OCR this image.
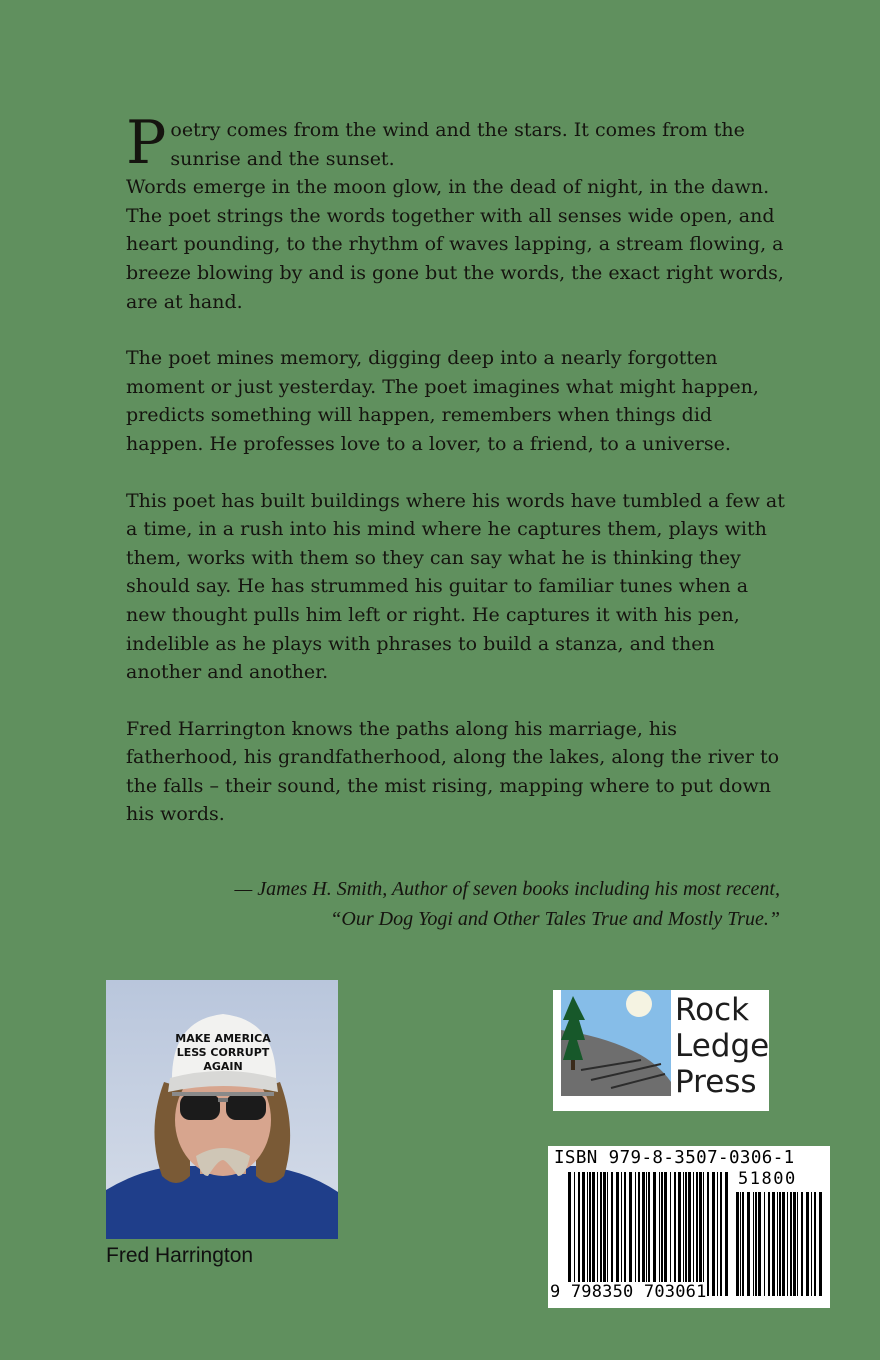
Poetry comes from the wind and the stars. It comes from the sunrise and the sunset.
Words emerge in the moon glow, in the dead of night, in the dawn. The poet strings the words together with all senses wide open, and heart pounding, to the rhythm of waves lapping, a stream flowing, a breeze blowing by and is gone but the words, the exact right words, are at hand.

The poet mines memory, digging deep into a nearly forgotten moment or just yesterday. The poet imagines what might happen, predicts something will happen, remembers when things did happen. He professes love to a lover, to a friend, to a universe.

This poet has built buildings where his words have tumbled a few at a time, in a rush into his mind where he captures them, plays with them, works with them so they can say what he is thinking they should say. He has strummed his guitar to familiar tunes when a new thought pulls him left or right. He captures it with his pen, indelible as he plays with phrases to build a stanza, and then another and another.

Fred Harrington knows the paths along his marriage, his fatherhood, his grandfatherhood, along the lakes, along the river to the falls – their sound, the mist rising, mapping where to put down his words.

— James H. Smith, Author of seven books including his most recent,
“Our Dog Yogi and Other Tales True and Mostly True.”
MAKE AMERICA
LESS CORRUPT
AGAIN
Fred Harrington
Rock
Ledge
Press
ISBN 979-8-3507-0306-1
51800
9 798350 703061
